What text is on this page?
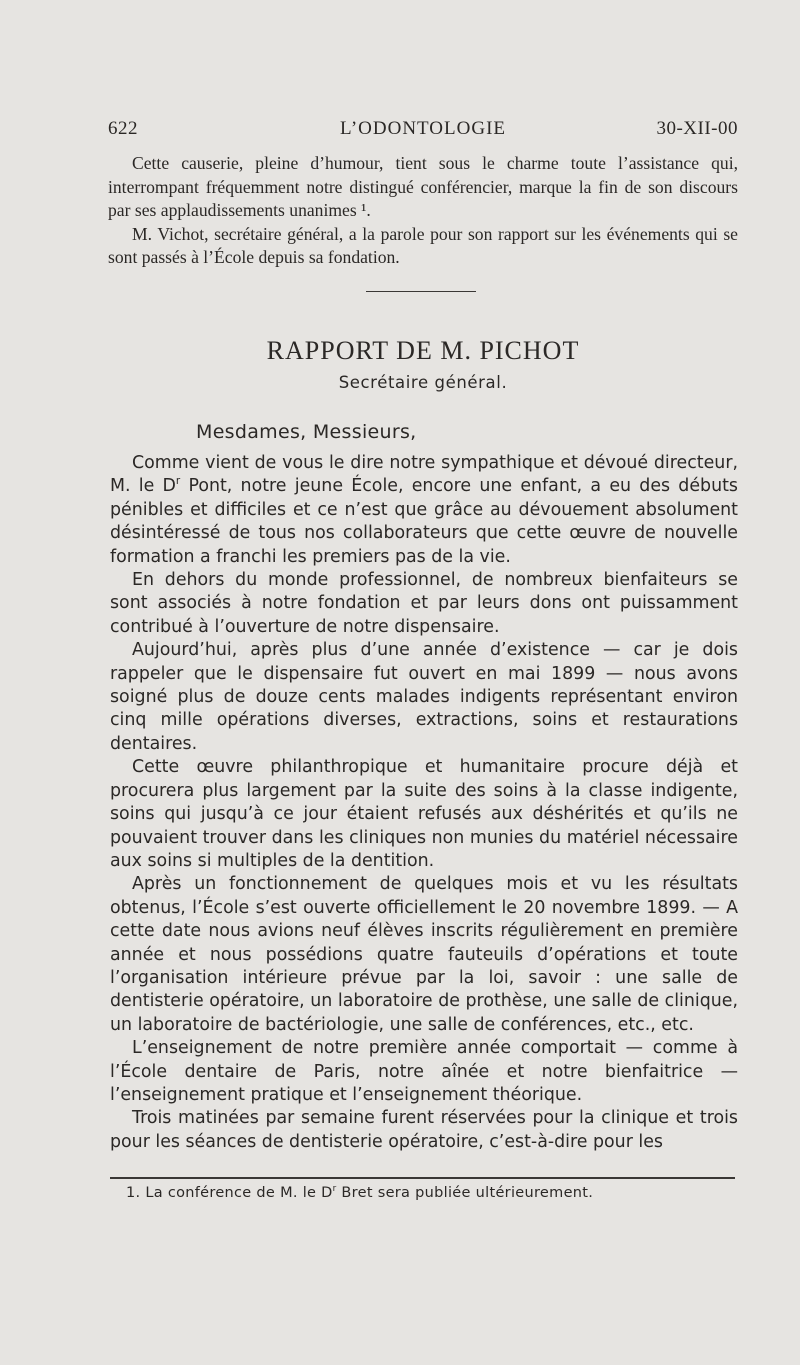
622	L’ODONTOLOGIE	30-XII-00

Cette causerie, pleine d’humour, tient sous le charme toute l’assistance qui, interrompant fréquemment notre distingué conférencier, marque la fin de son discours par ses applaudissements unanimes ¹.

M. Vichot, secrétaire général, a la parole pour son rapport sur les événements qui se sont passés à l’École depuis sa fondation.

RAPPORT DE M. PICHOT
Secrétaire général.
Mesdames, Messieurs,

Comme vient de vous le dire notre sympathique et dévoué directeur, M. le $D^r$ Pont, notre jeune École, encore une enfant, a eu des débuts pénibles et difficiles et ce n’est que grâce au dévouement absolument désintéressé de tous nos collaborateurs que cette œuvre de nouvelle formation a franchi les premiers pas de la vie.

En dehors du monde professionnel, de nombreux bienfaiteurs se sont associés à notre fondation et par leurs dons ont puissamment contribué à l’ouverture de notre dispensaire.

Aujourd’hui, après plus d’une année d’existence — car je dois rappeler que le dispensaire fut ouvert en mai 1899 — nous avons soigné plus de douze cents malades indigents représentant environ cinq mille opérations diverses, extractions, soins et restaurations dentaires.

Cette œuvre philanthropique et humanitaire procure déjà et procurera plus largement par la suite des soins à la classe indigente, soins qui jusqu’à ce jour étaient refusés aux déshérités et qu’ils ne pouvaient trouver dans les cliniques non munies du matériel nécessaire aux soins si multiples de la dentition.

Après un fonctionnement de quelques mois et vu les résultats obtenus, l’École s’est ouverte officiellement le 20 novembre 1899. — A cette date nous avions neuf élèves inscrits régulièrement en première année et nous possédions quatre fauteuils d’opérations et toute l’organisation intérieure prévue par la loi, savoir : une salle de dentisterie opératoire, un laboratoire de prothèse, une salle de clinique, un laboratoire de bactériologie, une salle de conférences, etc., etc.

L’enseignement de notre première année comportait — comme à l’École dentaire de Paris, notre aînée et notre bienfaitrice — l’enseignement pratique et l’enseignement théorique.

Trois matinées par semaine furent réservées pour la clinique et trois pour les séances de dentisterie opératoire, c’est-à-dire pour les

1. La conférence de M. le $D^r$ Bret sera publiée ultérieurement.
